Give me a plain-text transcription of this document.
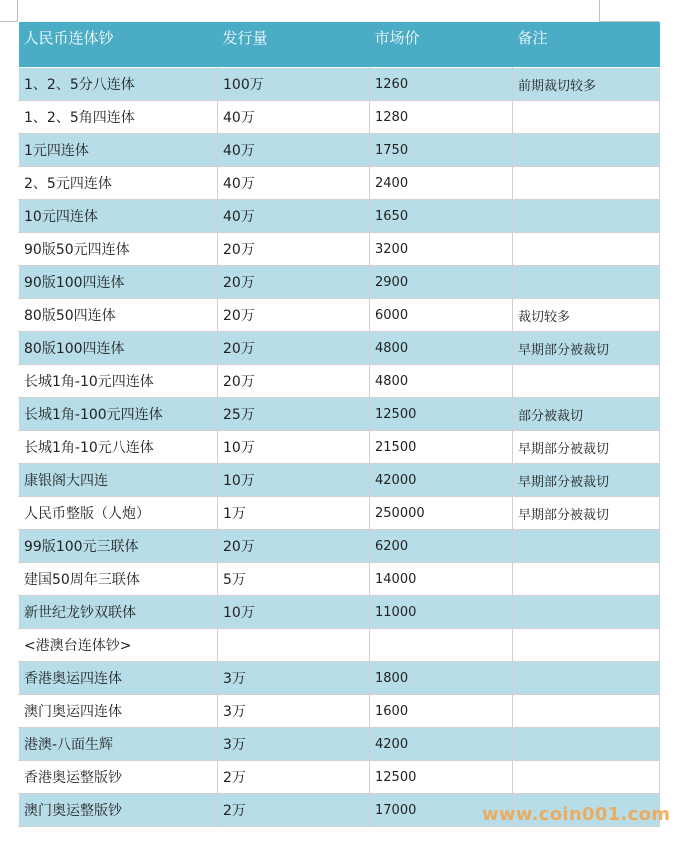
人民币连体钞	发行量	市场价	备注
1、2、5分八连体	100万	1260	前期裁切较多
1、2、5角四连体	40万	1280	
1元四连体	40万	1750	
2、5元四连体	40万	2400	
10元四连体	40万	1650	
90版50元四连体	20万	3200	
90版100四连体	20万	2900	
80版50四连体	20万	6000	裁切较多
80版100四连体	20万	4800	早期部分被裁切
长城1角-10元四连体	20万	4800	
长城1角-100元四连体	25万	12500	部分被裁切
长城1角-10元八连体	10万	21500	早期部分被裁切
康银阁大四连	10万	42000	早期部分被裁切
人民币整版（人炮）	1万	250000	早期部分被裁切
99版100元三联体	20万	6200	
建国50周年三联体	5万	14000	
新世纪龙钞双联体	10万	11000	
<港澳台连体钞>			
香港奥运四连体	3万	1800	
澳门奥运四连体	3万	1600	
港澳-八面生辉	3万	4200	
香港奥运整版钞	2万	12500	
澳门奥运整版钞	2万	17000		www.coin001.com
